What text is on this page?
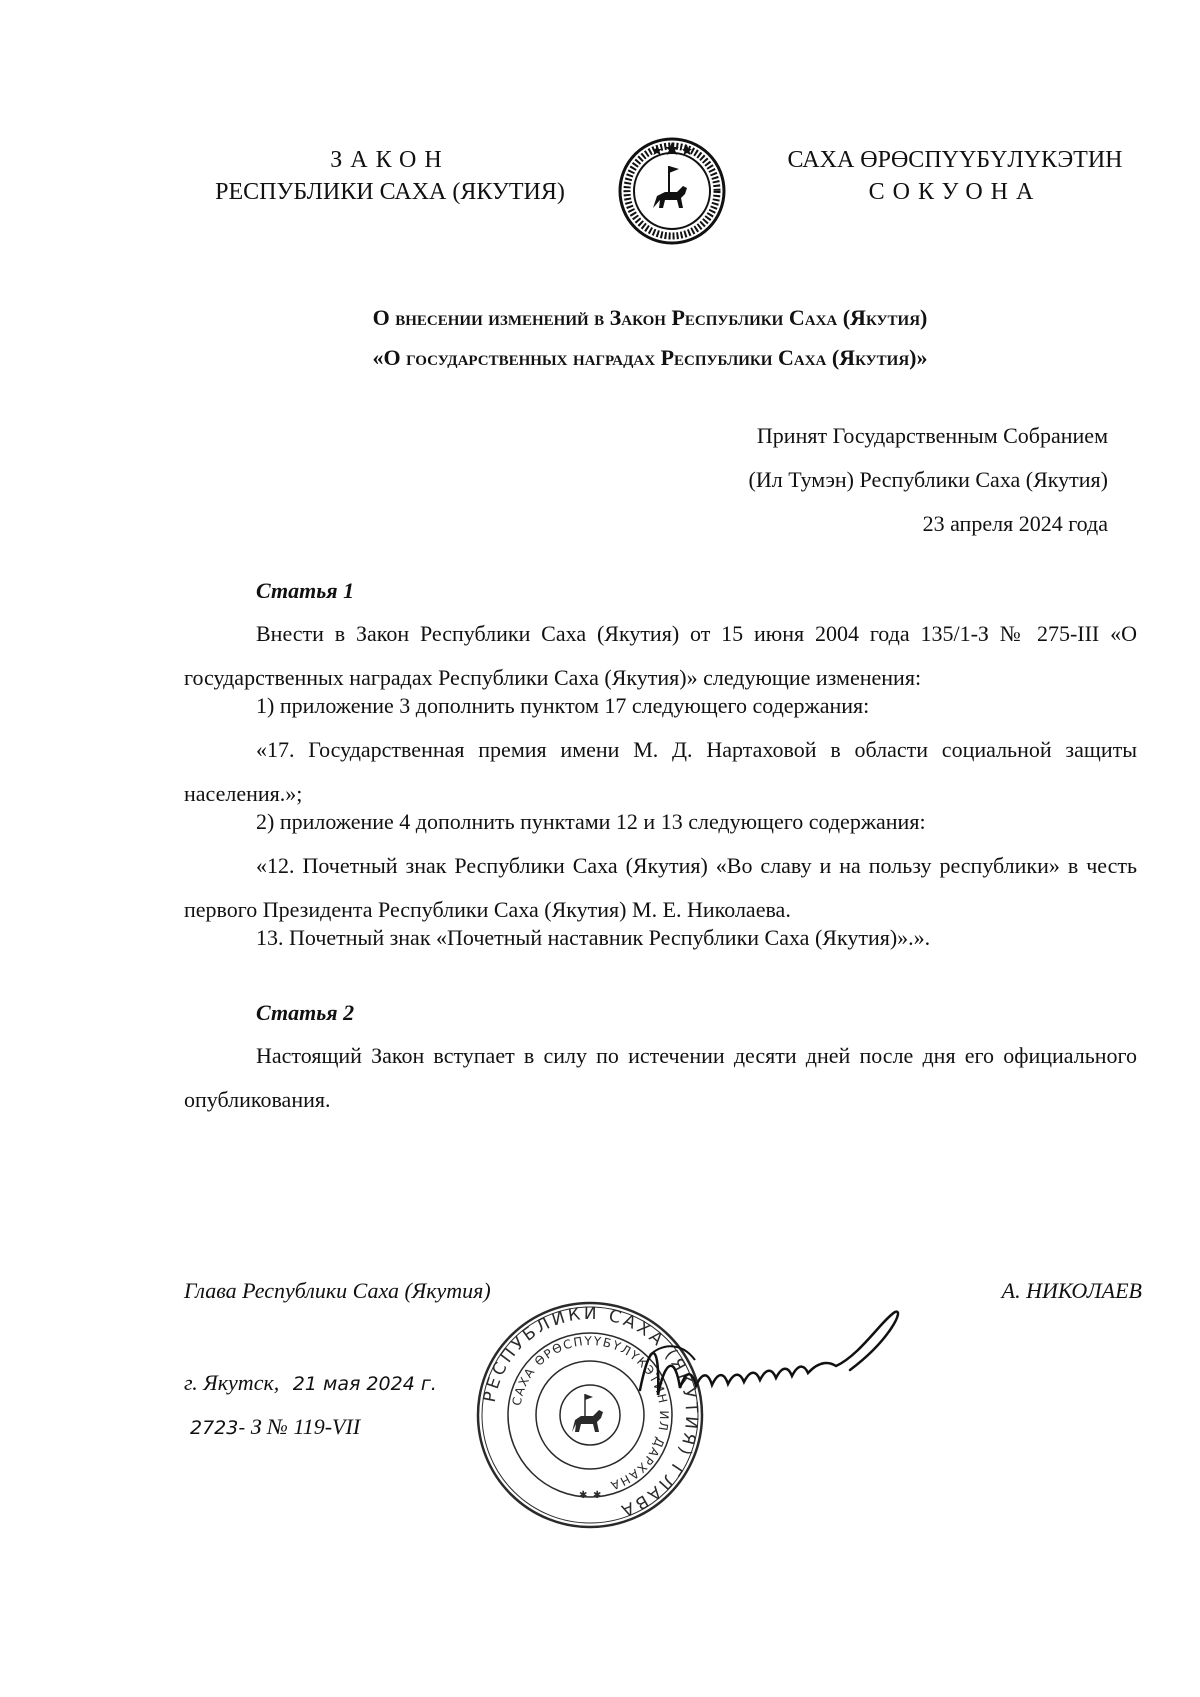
ЗАКОН
РЕСПУБЛИКИ САХА (ЯКУТИЯ)
САХА ӨРӨСПҮҮБҮЛҮКЭТИН
СОКУОНА
О внесении изменений в Закон Республики Саха (Якутия)
«О государственных наградах Республики Саха (Якутия)»
Принят Государственным Собранием
(Ил Тумэн) Республики Саха (Якутия)
23 апреля 2024 года
Статья 1
Внести в Закон Республики Саха (Якутия) от 15 июня 2004 года 135/1-З № 275-III «О государственных наградах Республики Саха (Якутия)» следующие изменения:
1) приложение 3 дополнить пунктом 17 следующего содержания:
«17. Государственная премия имени М. Д. Нартаховой в области социальной защиты населения.»;
2) приложение 4 дополнить пунктами 12 и 13 следующего содержания:
«12. Почетный знак Республики Саха (Якутия) «Во славу и на пользу республики» в честь первого Президента Республики Саха (Якутия) М. Е. Николаева.
13. Почетный знак «Почетный наставник Республики Саха (Якутия)».».
Статья 2
Настоящий Закон вступает в силу по истечении десяти дней после дня его официального опубликования.
РЕСПУБЛИКИ САХА (ЯКУТИЯ) ГЛАВА
САХА ӨРӨСПҮҮБҮЛҮКЭТИН ИЛ ДАРХАНА
✱ ✱
Глава Республики Саха (Якутия)	А. НИКОЛАЕВ
г. Якутск, 21 мая 2024 г.
2723- З № 119-VII
